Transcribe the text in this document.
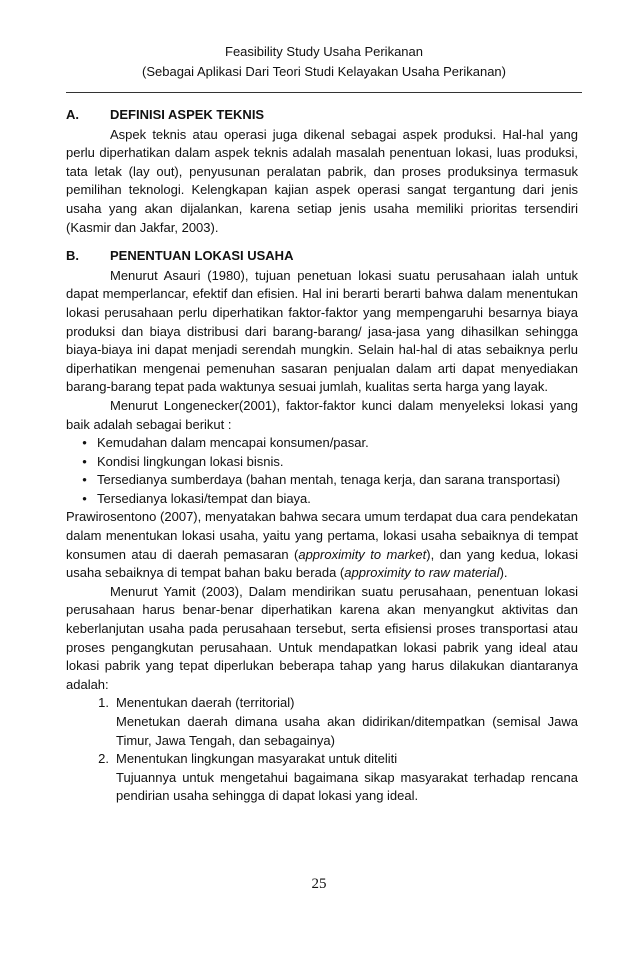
Feasibility Study Usaha Perikanan
(Sebagai Aplikasi Dari Teori Studi Kelayakan Usaha Perikanan)
A.	DEFINISI ASPEK TEKNIS

Aspek teknis atau operasi juga dikenal sebagai aspek produksi. Hal-hal yang perlu diperhatikan dalam aspek teknis adalah masalah penentuan lokasi, luas produksi, tata letak (lay out), penyusunan peralatan pabrik, dan proses produksinya termasuk pemilihan teknologi. Kelengkapan kajian aspek operasi sangat tergantung dari jenis usaha yang akan dijalankan, karena setiap jenis usaha memiliki prioritas tersendiri (Kasmir dan Jakfar, 2003).

B.	PENENTUAN LOKASI USAHA

Menurut Asauri (1980), tujuan penetuan lokasi suatu perusahaan ialah untuk dapat memperlancar, efektif dan efisien. Hal ini berarti berarti bahwa dalam menentukan lokasi perusahaan perlu diperhatikan faktor-faktor yang mempengaruhi besarnya biaya produksi dan biaya distribusi dari barang-barang/ jasa-jasa yang dihasilkan sehingga biaya-biaya ini dapat menjadi serendah mungkin. Selain hal-hal di atas sebaiknya perlu diperhatikan mengenai pemenuhan sasaran penjualan dalam arti dapat menyediakan barang-barang tepat pada waktunya sesuai jumlah, kualitas serta harga yang layak.

Menurut Longenecker(2001), faktor-faktor kunci dalam menyeleksi lokasi yang baik adalah sebagai berikut :

• Kemudahan dalam mencapai konsumen/pasar.
• Kondisi lingkungan lokasi bisnis.
• Tersedianya sumberdaya (bahan mentah, tenaga kerja, dan sarana transportasi)
• Tersedianya lokasi/tempat dan biaya.

Prawirosentono (2007), menyatakan bahwa secara umum terdapat dua cara pendekatan dalam menentukan lokasi usaha, yaitu yang pertama, lokasi usaha sebaiknya di tempat konsumen atau di daerah pemasaran (approximity to market), dan yang kedua, lokasi usaha sebaiknya di tempat bahan baku berada (approximity to raw material).

Menurut Yamit (2003), Dalam mendirikan suatu perusahaan, penentuan lokasi perusahaan harus benar-benar diperhatikan karena akan menyangkut aktivitas dan keberlanjutan usaha pada perusahaan tersebut, serta efisiensi proses transportasi atau proses pengangkutan perusahaan. Untuk mendapatkan lokasi pabrik yang ideal atau lokasi pabrik yang tepat diperlukan beberapa tahap yang harus dilakukan diantaranya adalah:

1. Menentukan daerah (territorial)
Menetukan daerah dimana usaha akan didirikan/ditempatkan (semisal Jawa Timur, Jawa Tengah, dan sebagainya)
2. Menentukan lingkungan masyarakat untuk diteliti
Tujuannya untuk mengetahui bagaimana sikap masyarakat terhadap rencana pendirian usaha sehingga di dapat lokasi yang ideal.
25
